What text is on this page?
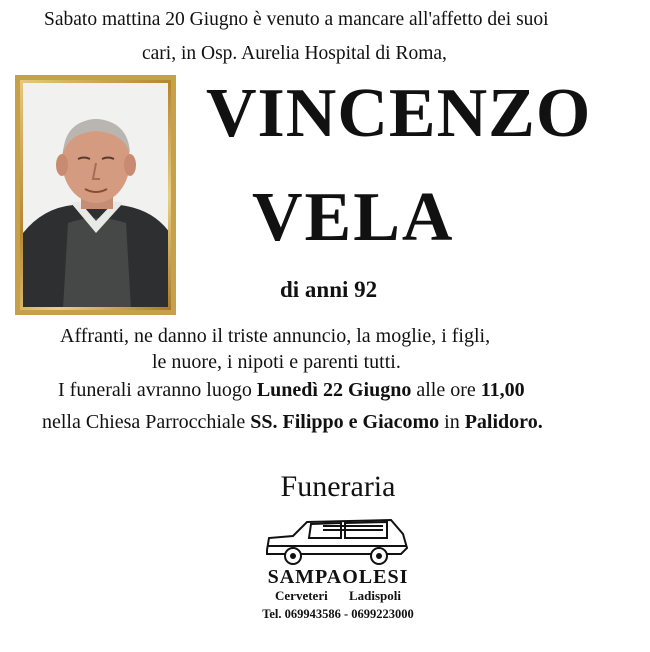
Sabato mattina 20 Giugno è venuto a mancare all'affetto dei suoi
cari, in Osp. Aurelia Hospital di Roma,
VINCENZO
VELA
di anni 92
Affranti, ne danno il triste annuncio, la moglie, i figli,
le nuore, i nipoti e parenti tutti.
I funerali avranno luogo Lunedì 22 Giugno alle ore 11,00
nella Chiesa Parrocchiale SS. Filippo e Giacomo in Palidoro.
Funeraria
SAMPAOLESI
Cerveteri Ladispoli
Tel. 069943586 - 0699223000
